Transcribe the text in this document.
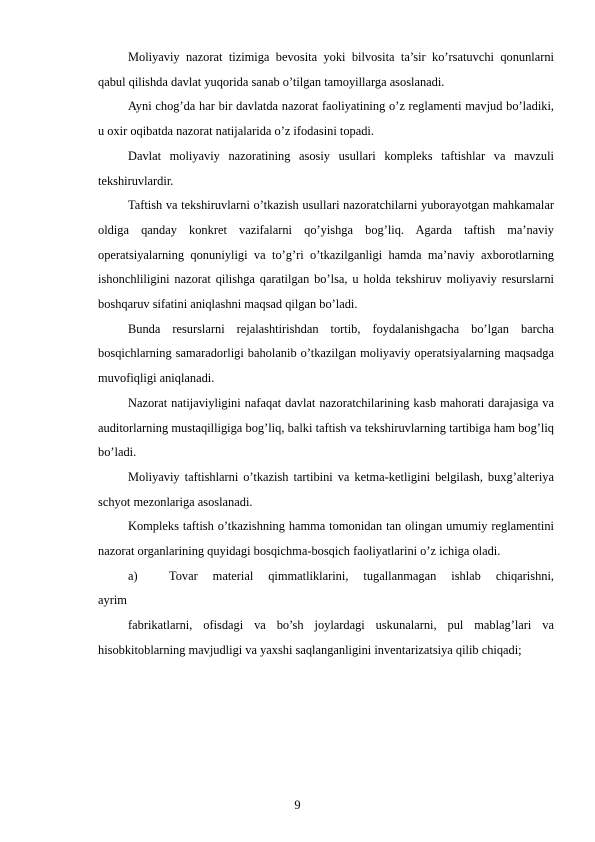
Moliyaviy nazorat tizimiga bevosita yoki bilvosita ta’sir ko’rsatuvchi qonunlarni qabul qilishda davlat yuqorida sanab o’tilgan tamoyillarga asoslanadi.

Ayni chog’da har bir davlatda nazorat faoliyatining o’z reglamenti mavjud bo’ladiki, u oxir oqibatda nazorat natijalarida o’z ifodasini topadi.

Davlat moliyaviy nazoratining asosiy usullari kompleks taftishlar va mavzuli tekshiruvlardir.

Taftish va tekshiruvlarni o’tkazish usullari nazoratchilarni yuborayotgan mahkamalar oldiga qanday konkret vazifalarni qo’yishga bog’liq. Agarda taftish ma’naviy operatsiyalarning qonuniyligi va to’g’ri o’tkazilganligi hamda ma’naviy axborotlarning ishonchliligini nazorat qilishga qaratilgan bo’lsa, u holda tekshiruv moliyaviy resurslarni boshqaruv sifatini aniqlashni maqsad qilgan bo’ladi.

Bunda resurslarni rejalashtirishdan tortib, foydalanishgacha bo’lgan barcha bosqichlarning samaradorligi baholanib o’tkazilgan moliyaviy operatsiyalarning maqsadga muvofiqligi aniqlanadi.

Nazorat natijaviyligini nafaqat davlat nazoratchilarining kasb mahorati darajasiga va auditorlarning mustaqilligiga bog’liq, balki taftish va tekshiruvlarning tartibiga ham bog’liq bo’ladi.

Moliyaviy taftishlarni o’tkazish tartibini va ketma-ketligini belgilash, buxg’alteriya schyot mezonlariga asoslanadi.

Kompleks taftish o’tkazishning hamma tomonidan tan olingan umumiy reglamentini nazorat organlarining quyidagi bosqichma-bosqich faoliyatlarini o’z ichiga oladi.

a)	Tovar material qimmatliklarini, tugallanmagan ishlab chiqarishni,

ayrim

fabrikatlarni, ofisdagi va bo’sh joylardagi uskunalarni, pul mablag’lari va hisobkitoblarning mavjudligi va yaxshi saqlanganligini inventarizatsiya qilib chiqadi;

9
